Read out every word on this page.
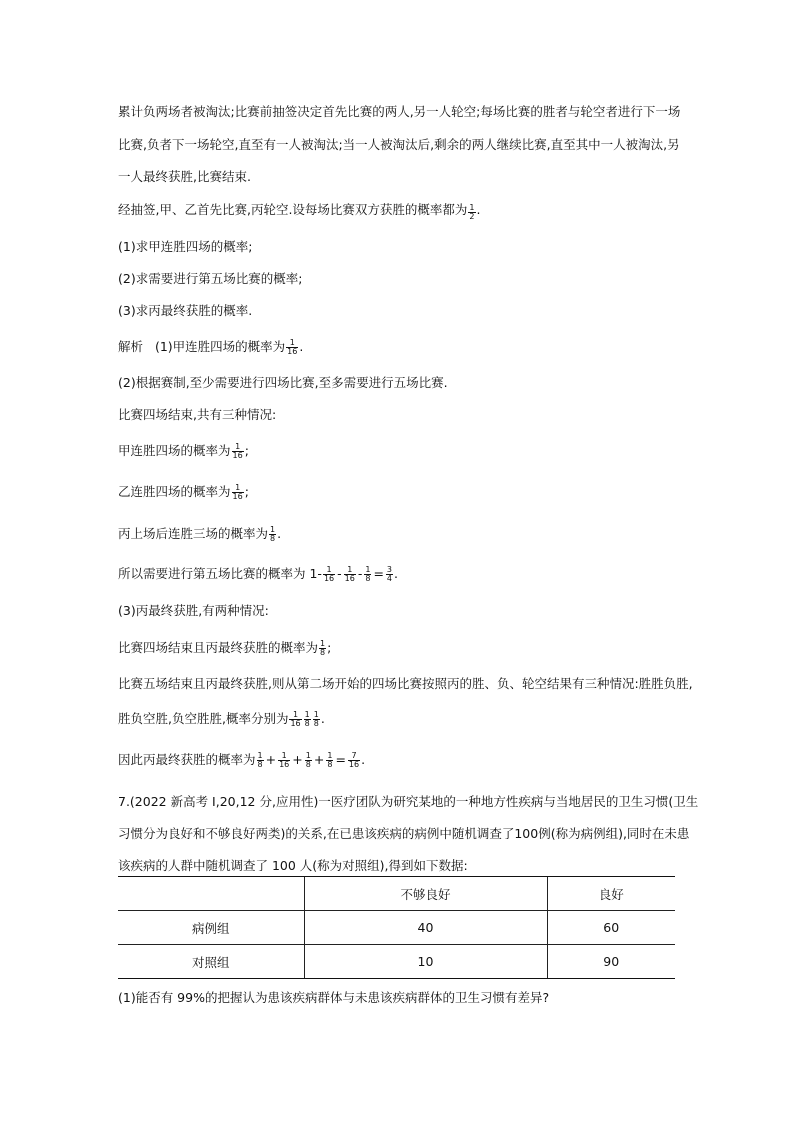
累计负两场者被淘汰;比赛前抽签决定首先比赛的两人,另一人轮空;每场比赛的胜者与轮空者进行下一场
比赛,负者下一场轮空,直至有一人被淘汰;当一人被淘汰后,剩余的两人继续比赛,直至其中一人被淘汰,另
一人最终获胜,比赛结束.
经抽签,甲、乙首先比赛,丙轮空.设每场比赛双方获胜的概率都为 $\frac{1}{2}$ .
(1)求甲连胜四场的概率;
(2)求需要进行第五场比赛的概率;
(3)求丙最终获胜的概率.
解析 (1)甲连胜四场的概率为 $\frac{1}{16}$ .
(2)根据赛制,至少需要进行四场比赛,至多需要进行五场比赛.
比赛四场结束,共有三种情况:
甲连胜四场的概率为 $\frac{1}{16}$ ;
乙连胜四场的概率为 $\frac{1}{16}$ ;
丙上场后连胜三场的概率为 $\frac{1}{8}$ .
所以需要进行第五场比赛的概率为 $1- \frac{1}{16} - \frac{1}{16} - \frac{1}{8} = \frac{3}{4}$ .
(3)丙最终获胜,有两种情况:
比赛四场结束且丙最终获胜的概率为 $\frac{1}{8}$ ;
比赛五场结束且丙最终获胜,则从第二场开始的四场比赛按照丙的胜、负、轮空结果有三种情况:胜胜负胜,
胜负空胜,负空胜胜,概率分别为 $\frac{1}{16} \frac{1}{8} \frac{1}{8}$ .
因此丙最终获胜的概率为 $\frac{1}{8} + \frac{1}{16} + \frac{1}{8} + \frac{1}{8} = \frac{7}{16}$ .
7.(2022 新高考 Ⅰ,20,12 分,应用性)一医疗团队为研究某地的一种地方性疾病与当地居民的卫生习惯(卫生
习惯分为良好和不够良好两类)的关系,在已患该疾病的病例中随机调查了100例(称为病例组),同时在未患
该疾病的人群中随机调查了 100 人(称为对照组),得到如下数据:
	不够良好	良好
病例组	40	60
对照组	10	90
(1)能否有 99%的把握认为患该疾病群体与未患该疾病群体的卫生习惯有差异?
